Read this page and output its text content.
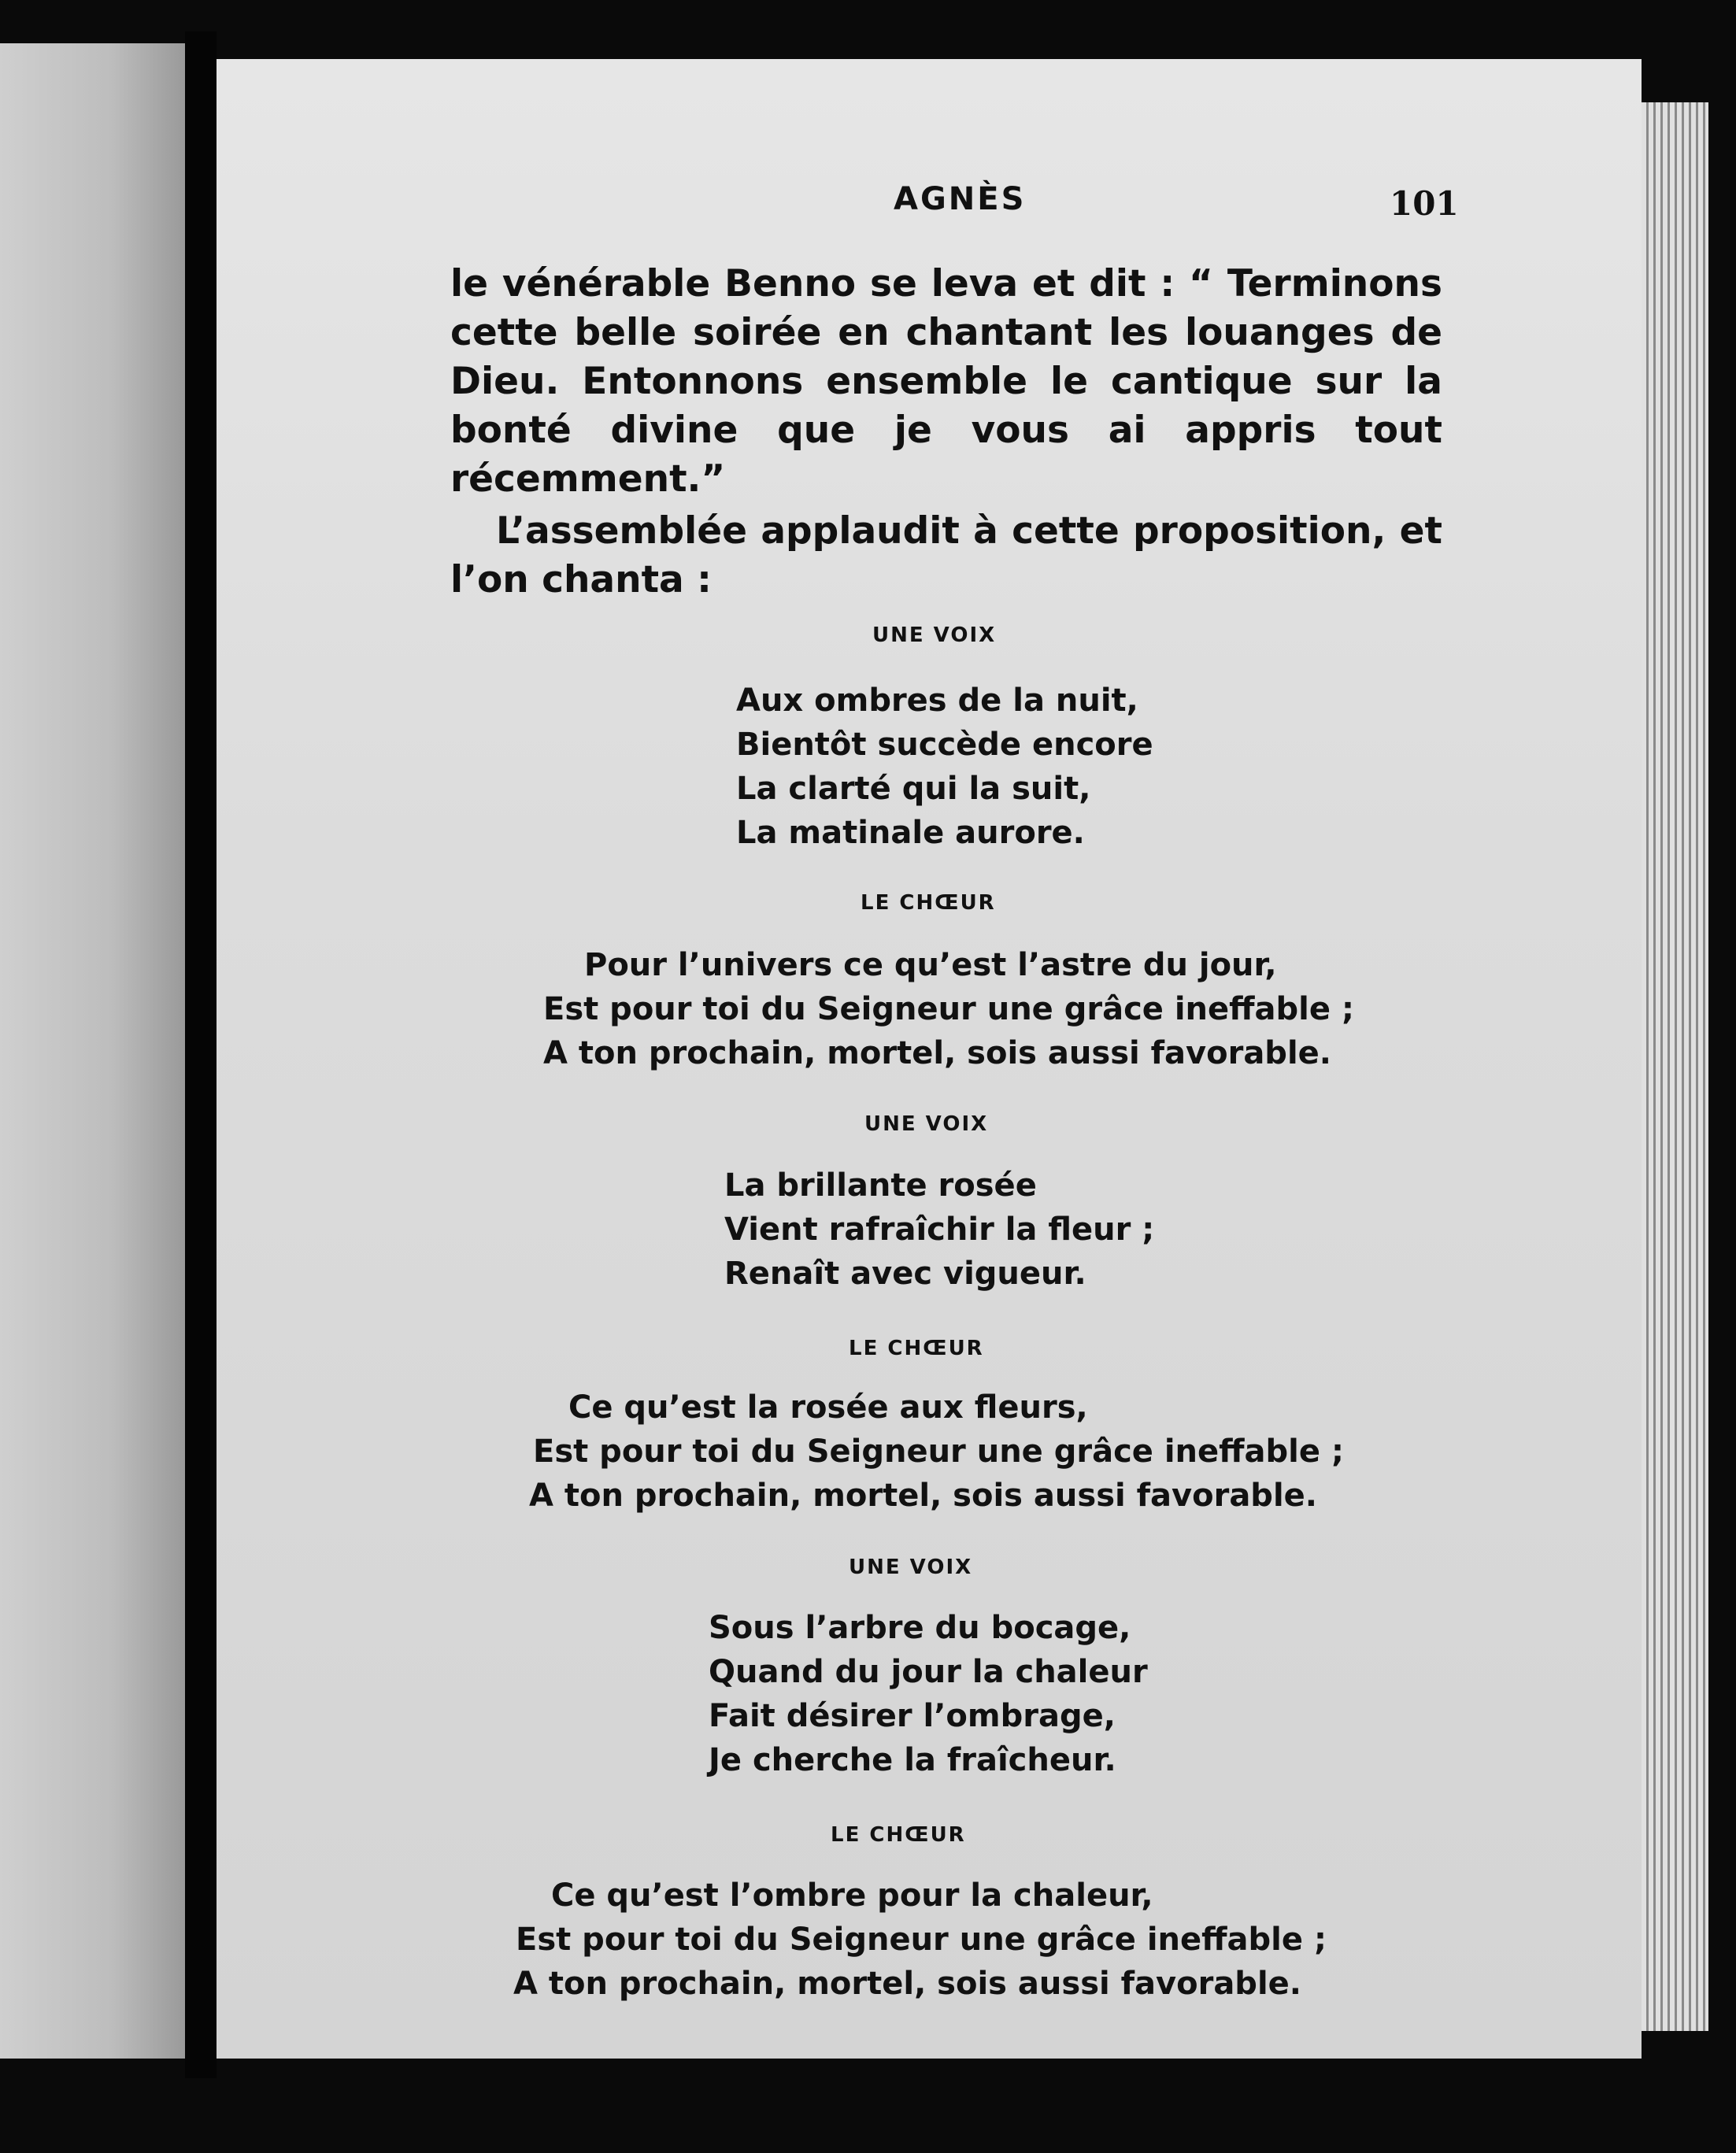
AGNÈS	101

le vénérable Benno se leva et dit : “ Terminons cette belle soirée en chantant les louanges de Dieu. Entonnons ensemble le cantique sur la bonté divine que je vous ai appris tout récemment.”

L’assemblée applaudit à cette proposition, et l’on chanta :

UNE VOIX
Aux ombres de la nuit,
Bientôt succède encore
La clarté qui la suit,
La matinale aurore.
LE CHŒUR
Pour l’univers ce qu’est l’astre du jour,
Est pour toi du Seigneur une grâce ineffable ;
A ton prochain, mortel, sois aussi favorable.
UNE VOIX
La brillante rosée
Vient rafraîchir la fleur ;
Renaît avec vigueur.
LE CHŒUR
Ce qu’est la rosée aux fleurs,
Est pour toi du Seigneur une grâce ineffable ;
A ton prochain, mortel, sois aussi favorable.
UNE VOIX
Sous l’arbre du bocage,
Quand du jour la chaleur
Fait désirer l’ombrage,
Je cherche la fraîcheur.
LE CHŒUR
Ce qu’est l’ombre pour la chaleur,
Est pour toi du Seigneur une grâce ineffable ;
A ton prochain, mortel, sois aussi favorable.
